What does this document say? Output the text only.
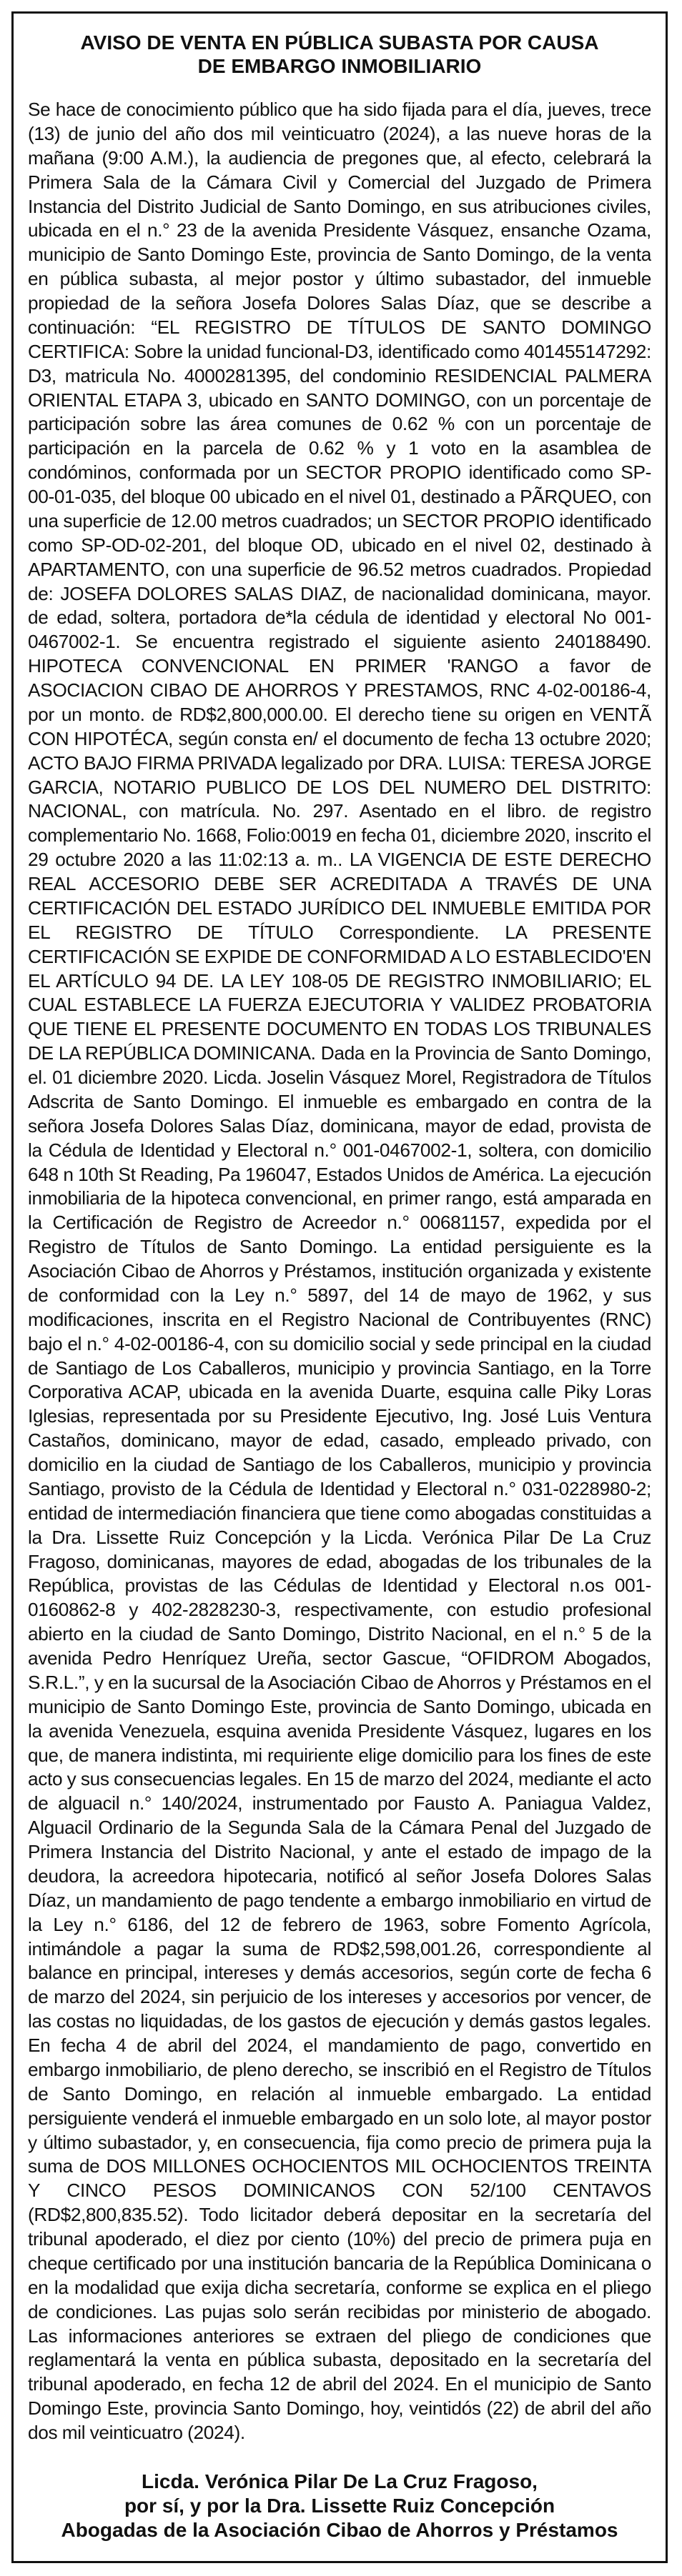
AVISO DE VENTA EN PÚBLICA SUBASTA POR CAUSA
DE EMBARGO INMOBILIARIO

Se hace de conocimiento público que ha sido fijada para el día, jueves, trece (13) de junio del año dos mil veinticuatro (2024), a las nueve horas de la mañana (9:00 A.M.), la audiencia de pregones que, al efecto, celebrará la Primera Sala de la Cámara Civil y Comercial del Juzgado de Primera Instancia del Distrito Judicial de Santo Domingo, en sus atribuciones civiles, ubicada en el n.° 23 de la avenida Presidente Vásquez, ensanche Ozama, municipio de Santo Domingo Este, provincia de Santo Domingo, de la venta en pública subasta, al mejor postor y último subastador, del inmueble propiedad de la señora Josefa Dolores Salas Díaz, que se describe a continuación: “EL REGISTRO DE TÍTULOS DE SANTO DOMINGO CERTIFICA: Sobre la unidad funcional-D3, identificado como 401455147292: D3, matricula No. 4000281395, del condominio RESIDENCIAL PALMERA ORIENTAL ETAPA 3, ubicado en SANTO DOMINGO, con un porcentaje de participación sobre las área comunes de 0.62 % con un porcentaje de participación en la parcela de 0.62 % y 1 voto en la asamblea de condóminos, conformada por un SECTOR PROPIO identificado como SP-00-01-035, del bloque 00 ubicado en el nivel 01, destinado a PÃRQUEO, con una superficie de 12.00 metros cuadrados; un SECTOR PROPIO identificado como SP-OD-02-201, del bloque OD, ubicado en el nivel 02, destinado à APARTAMENTO, con una superficie de 96.52 metros cuadrados. Propiedad de: JOSEFA DOLORES SALAS DIAZ, de nacionalidad dominicana, mayor. de edad, soltera, portadora de*la cédula de identidad y electoral No 001-0467002-1. Se encuentra registrado el siguiente asiento 240188490. HIPOTECA CONVENCIONAL EN PRIMER 'RANGO a favor de ASOCIACION CIBAO DE AHORROS Y PRESTAMOS, RNC 4-02-00186-4, por un monto. de RD$2,800,000.00. El derecho tiene su origen en VENTÃ CON HIPOTÉCA, según consta en/ el documento de fecha 13 octubre 2020; ACTO BAJO FIRMA PRIVADA legalizado por DRA. LUISA: TERESA JORGE GARCIA, NOTARIO PUBLICO DE LOS DEL NUMERO DEL DISTRITO: NACIONAL, con matrícula. No. 297. Asentado en el libro. de registro complementario No. 1668, Folio:0019 en fecha 01, diciembre 2020, inscrito el 29 octubre 2020 a las 11:02:13 a. m.. LA VIGENCIA DE ESTE DERECHO REAL ACCESORIO DEBE SER ACREDITADA A TRAVÉS DE UNA CERTIFICACIÓN DEL ESTADO JURÍDICO DEL INMUEBLE EMITIDA POR EL REGISTRO DE TÍTULO Correspondiente. LA PRESENTE CERTIFICACIÓN SE EXPIDE DE CONFORMIDAD A LO ESTABLECIDO'EN EL ARTÍCULO 94 DE. LA LEY 108-05 DE REGISTRO INMOBILIARIO; EL CUAL ESTABLECE LA FUERZA EJECUTORIA Y VALIDEZ PROBATORIA QUE TIENE EL PRESENTE DOCUMENTO EN TODAS LOS TRIBUNALES DE LA REPÚBLICA DOMINICANA. Dada en la Provincia de Santo Domingo, el. 01 diciembre 2020. Licda. Joselin Vásquez Morel, Registradora de Títulos Adscrita de Santo Domingo. El inmueble es embargado en contra de la señora Josefa Dolores Salas Díaz, dominicana, mayor de edad, provista de la Cédula de Identidad y Electoral n.° 001-0467002-1, soltera, con domicilio 648 n 10th St Reading, Pa 196047, Estados Unidos de América. La ejecución inmobiliaria de la hipoteca convencional, en primer rango, está amparada en la Certificación de Registro de Acreedor n.° 00681157, expedida por el Registro de Títulos de Santo Domingo. La entidad persiguiente es la Asociación Cibao de Ahorros y Préstamos, institución organizada y existente de conformidad con la Ley n.° 5897, del 14 de mayo de 1962, y sus modificaciones, inscrita en el Registro Nacional de Contribuyentes (RNC) bajo el n.° 4-02-00186-4, con su domicilio social y sede principal en la ciudad de Santiago de Los Caballeros, municipio y provincia Santiago, en la Torre Corporativa ACAP, ubicada en la avenida Duarte, esquina calle Piky Loras Iglesias, representada por su Presidente Ejecutivo, Ing. José Luis Ventura Castaños, dominicano, mayor de edad, casado, empleado privado, con domicilio en la ciudad de Santiago de los Caballeros, municipio y provincia Santiago, provisto de la Cédula de Identidad y Electoral n.° 031-0228980-2; entidad de intermediación financiera que tiene como abogadas constituidas a la Dra. Lissette Ruiz Concepción y la Licda. Verónica Pilar De La Cruz Fragoso, dominicanas, mayores de edad, abogadas de los tribunales de la República, provistas de las Cédulas de Identidad y Electoral n.os 001-0160862-8 y 402-2828230-3, respectivamente, con estudio profesional abierto en la ciudad de Santo Domingo, Distrito Nacional, en el n.° 5 de la avenida Pedro Henríquez Ureña, sector Gascue, “OFIDROM Abogados, S.R.L.”, y en la sucursal de la Asociación Cibao de Ahorros y Préstamos en el municipio de Santo Domingo Este, provincia de Santo Domingo, ubicada en la avenida Venezuela, esquina avenida Presidente Vásquez, lugares en los que, de manera indistinta, mi requiriente elige domicilio para los fines de este acto y sus consecuencias legales. En 15 de marzo del 2024, mediante el acto de alguacil n.° 140/2024, instrumentado por Fausto A. Paniagua Valdez, Alguacil Ordinario de la Segunda Sala de la Cámara Penal del Juzgado de Primera Instancia del Distrito Nacional, y ante el estado de impago de la deudora, la acreedora hipotecaria, notificó al señor Josefa Dolores Salas Díaz, un mandamiento de pago tendente a embargo inmobiliario en virtud de la Ley n.° 6186, del 12 de febrero de 1963, sobre Fomento Agrícola, intimándole a pagar la suma de RD$2,598,001.26, correspondiente al balance en principal, intereses y demás accesorios, según corte de fecha 6 de marzo del 2024, sin perjuicio de los intereses y accesorios por vencer, de las costas no liquidadas, de los gastos de ejecución y demás gastos legales. En fecha 4 de abril del 2024, el mandamiento de pago, convertido en embargo inmobiliario, de pleno derecho, se inscribió en el Registro de Títulos de Santo Domingo, en relación al inmueble embargado. La entidad persiguiente venderá el inmueble embargado en un solo lote, al mayor postor y último subastador, y, en consecuencia, fija como precio de primera puja la suma de DOS MILLONES OCHOCIENTOS MIL OCHOCIENTOS TREINTA Y CINCO PESOS DOMINICANOS CON 52/100 CENTAVOS (RD$2,800,835.52). Todo licitador deberá depositar en la secretaría del tribunal apoderado, el diez por ciento (10%) del precio de primera puja en cheque certificado por una institución bancaria de la República Dominicana o en la modalidad que exija dicha secretaría, conforme se explica en el pliego de condiciones. Las pujas solo serán recibidas por ministerio de abogado. Las informaciones anteriores se extraen del pliego de condiciones que reglamentará la venta en pública subasta, depositado en la secretaría del tribunal apoderado, en fecha 12 de abril del 2024. En el municipio de Santo Domingo Este, provincia Santo Domingo, hoy, veintidós (22) de abril del año dos mil veinticuatro (2024).

Licda. Verónica Pilar De La Cruz Fragoso,
por sí, y por la Dra. Lissette Ruiz Concepción
Abogadas de la Asociación Cibao de Ahorros y Préstamos
